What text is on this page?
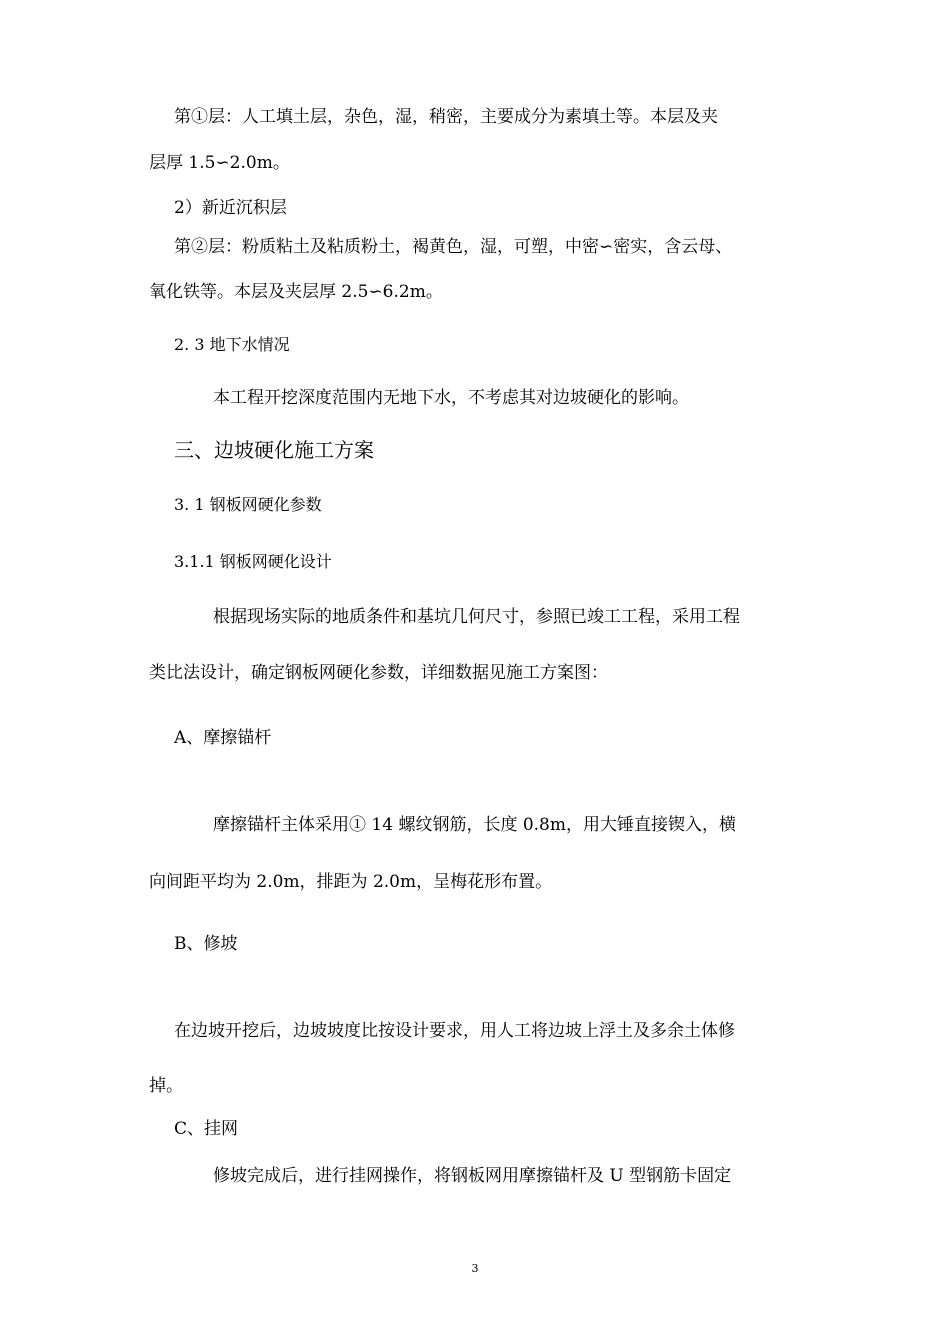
第①层：人工填土层，杂色，湿，稍密，主要成分为素填土等。本层及夹
层厚 1.5∽2.0m。
2）新近沉积层
第②层：粉质粘土及粘质粉土，褐黄色，湿，可塑，中密∽密实，含云母、
氧化铁等。本层及夹层厚 2.5∽6.2m。
2. 3 地下水情况
本工程开挖深度范围内无地下水，不考虑其对边坡硬化的影响。
三、边坡硬化施工方案
3. 1 钢板网硬化参数
3.1.1 钢板网硬化设计
根据现场实际的地质条件和基坑几何尺寸，参照已竣工工程，采用工程
类比法设计，确定钢板网硬化参数，详细数据见施工方案图：
A、摩擦锚杆
摩擦锚杆主体采用① 14 螺纹钢筋，长度 0.8m，用大锤直接锲入，横
向间距平均为 2.0m，排距为 2.0m，呈梅花形布置。
B、修坡
在边坡开挖后，边坡坡度比按设计要求，用人工将边坡上浮土及多余土体修
掉。
C、挂网
修坡完成后，进行挂网操作，将钢板网用摩擦锚杆及 U 型钢筋卡固定
3
